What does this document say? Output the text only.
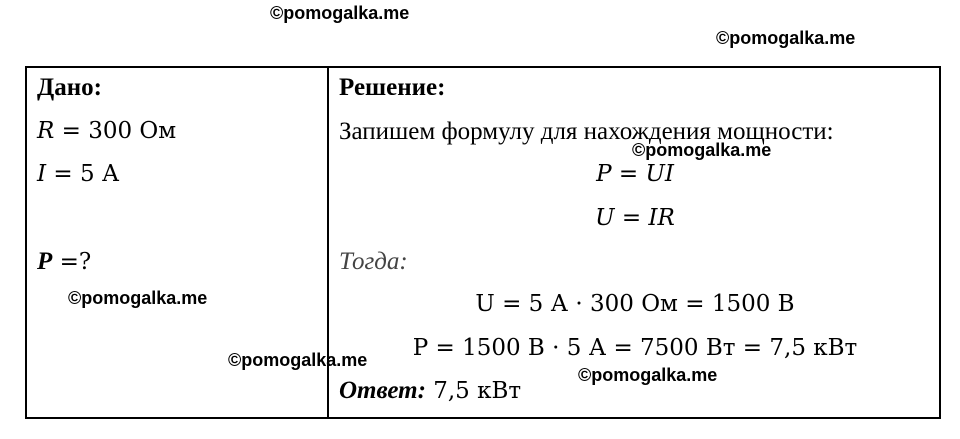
©pomogalka.me
©pomogalka.me
Дано:
R = 300 Ом
I = 5 А
P =?
Решение:
Запишем формулу для нахождения мощности:
P = UI
U = IR
Тогда:
U = 5 А · 300 Ом = 1500 В
P = 1500 В · 5 А = 7500 Вт = 7,5 кВт
Ответ: 7,5 кВт
©pomogalka.me
©pomogalka.me
©pomogalka.me
©pomogalka.me
